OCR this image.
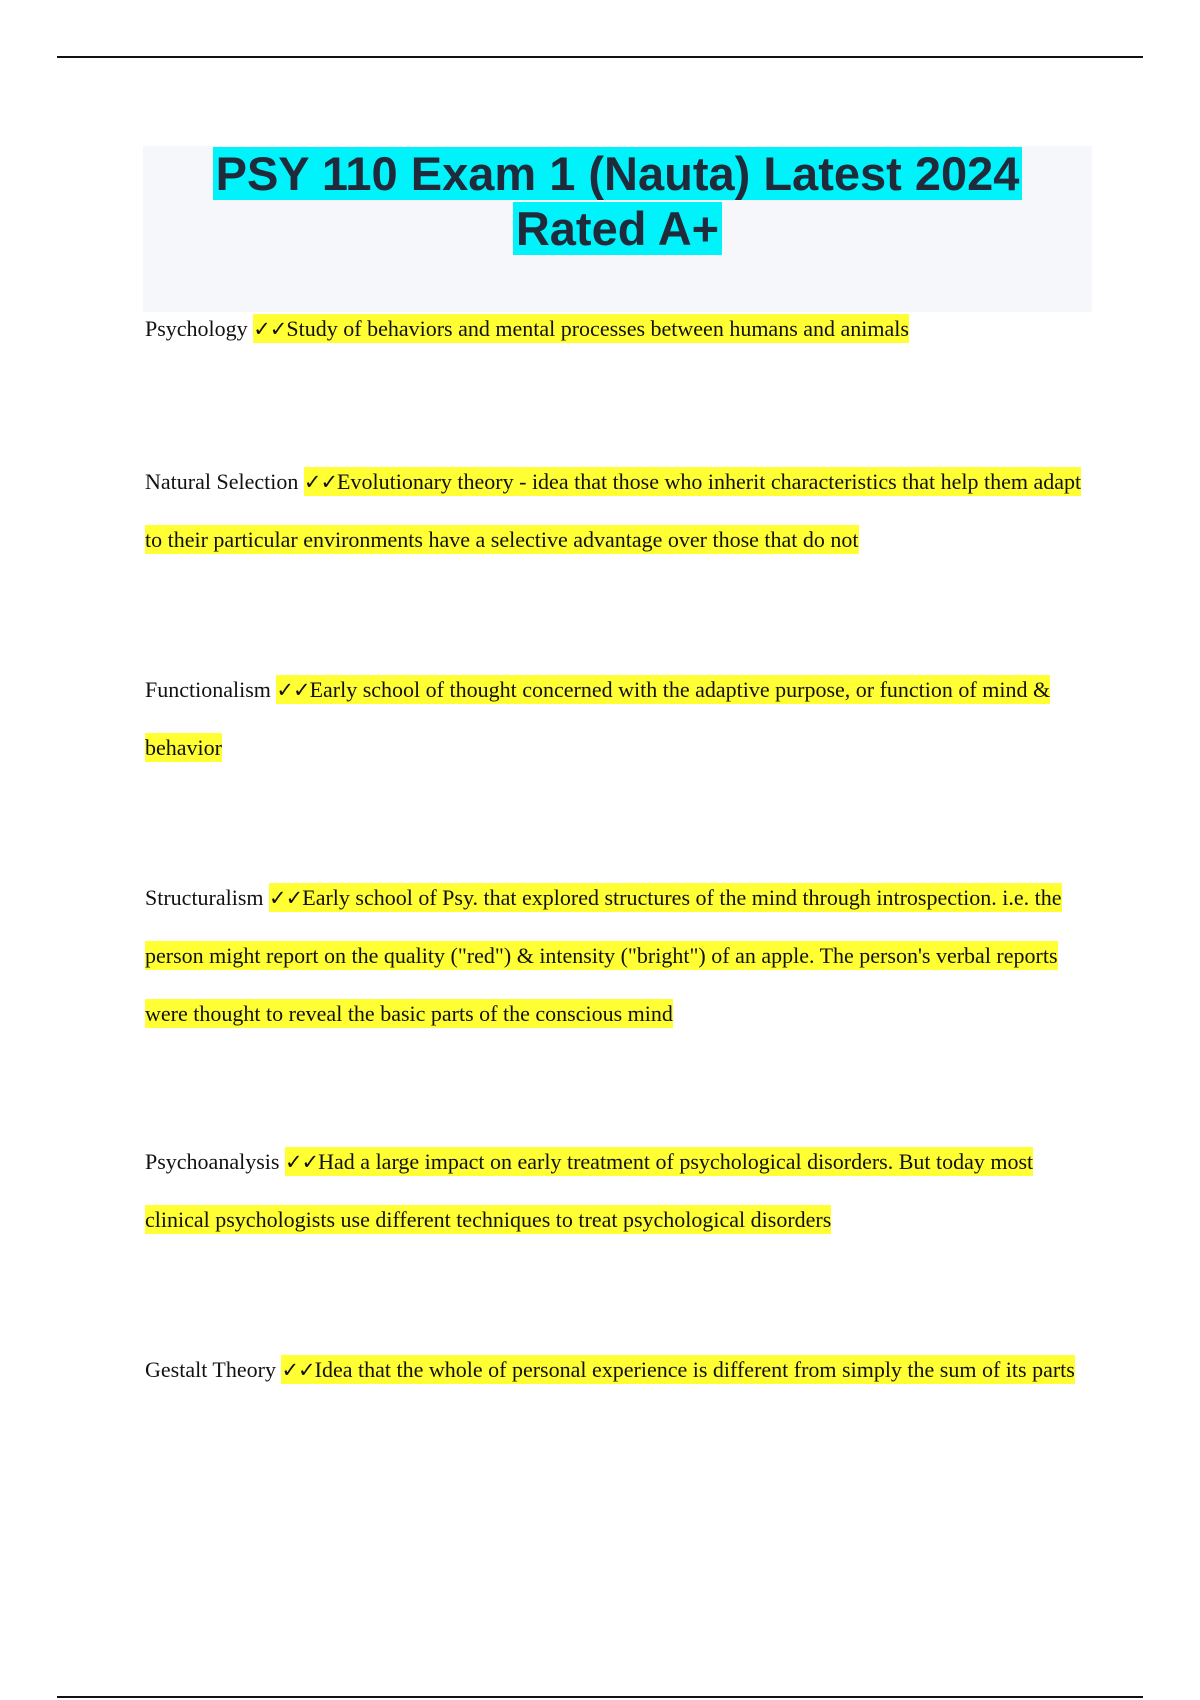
PSY 110 Exam 1 (Nauta) Latest 2024
Rated A+

Psychology ✓✓Study of behaviors and mental processes between humans and animals

Natural Selection ✓✓Evolutionary theory - idea that those who inherit characteristics that help them adapt to their particular environments have a selective advantage over those that do not

Functionalism ✓✓Early school of thought concerned with the adaptive purpose, or function of mind & behavior

Structuralism ✓✓Early school of Psy. that explored structures of the mind through introspection. i.e. the person might report on the quality ("red") & intensity ("bright") of an apple. The person's verbal reports were thought to reveal the basic parts of the conscious mind

Psychoanalysis ✓✓Had a large impact on early treatment of psychological disorders. But today most clinical psychologists use different techniques to treat psychological disorders

Gestalt Theory ✓✓Idea that the whole of personal experience is different from simply the sum of its parts
